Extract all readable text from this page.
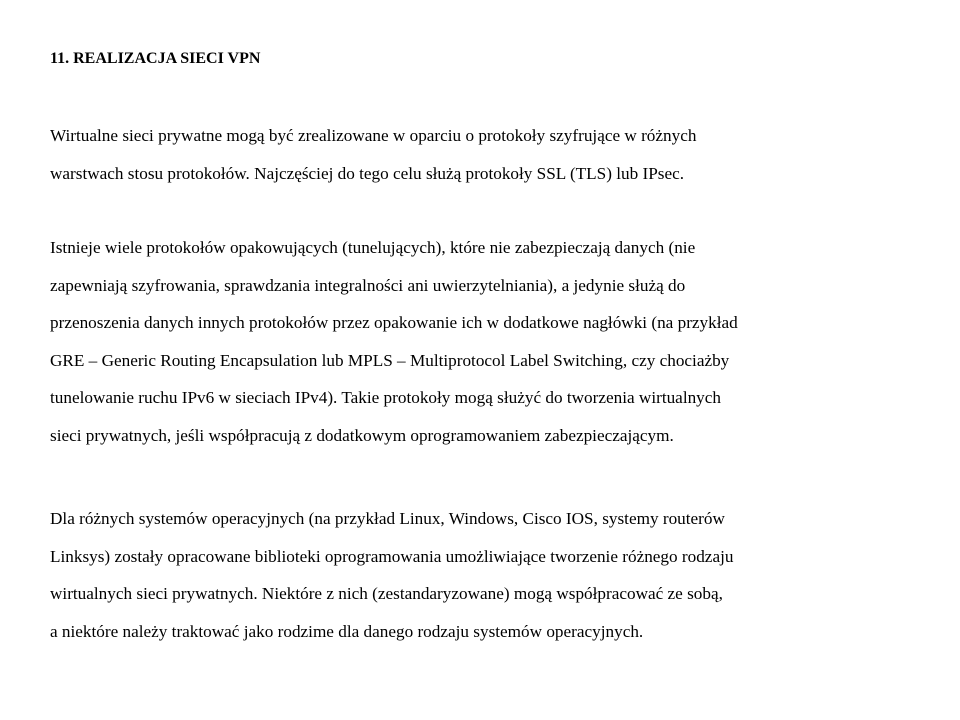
11. REALIZACJA SIECI VPN
Wirtualne sieci prywatne mogą być zrealizowane w oparciu o protokoły szyfrujące w różnych
warstwach stosu protokołów. Najczęściej do tego celu służą protokoły SSL (TLS) lub IPsec.
Istnieje wiele protokołów opakowujących (tunelujących), które nie zabezpieczają danych (nie
zapewniają szyfrowania, sprawdzania integralności ani uwierzytelniania), a jedynie służą do
przenoszenia danych innych protokołów przez opakowanie ich w dodatkowe nagłówki (na przykład
GRE – Generic Routing Encapsulation lub MPLS – Multiprotocol Label Switching, czy chociażby
tunelowanie ruchu IPv6 w sieciach IPv4). Takie protokoły mogą służyć do tworzenia wirtualnych
sieci prywatnych, jeśli współpracują z dodatkowym oprogramowaniem zabezpieczającym.
Dla różnych systemów operacyjnych (na przykład Linux, Windows, Cisco IOS, systemy routerów
Linksys) zostały opracowane biblioteki oprogramowania umożliwiające tworzenie różnego rodzaju
wirtualnych sieci prywatnych. Niektóre z nich (zestandaryzowane) mogą współpracować ze sobą,
a niektóre należy traktować jako rodzime dla danego rodzaju systemów operacyjnych.
